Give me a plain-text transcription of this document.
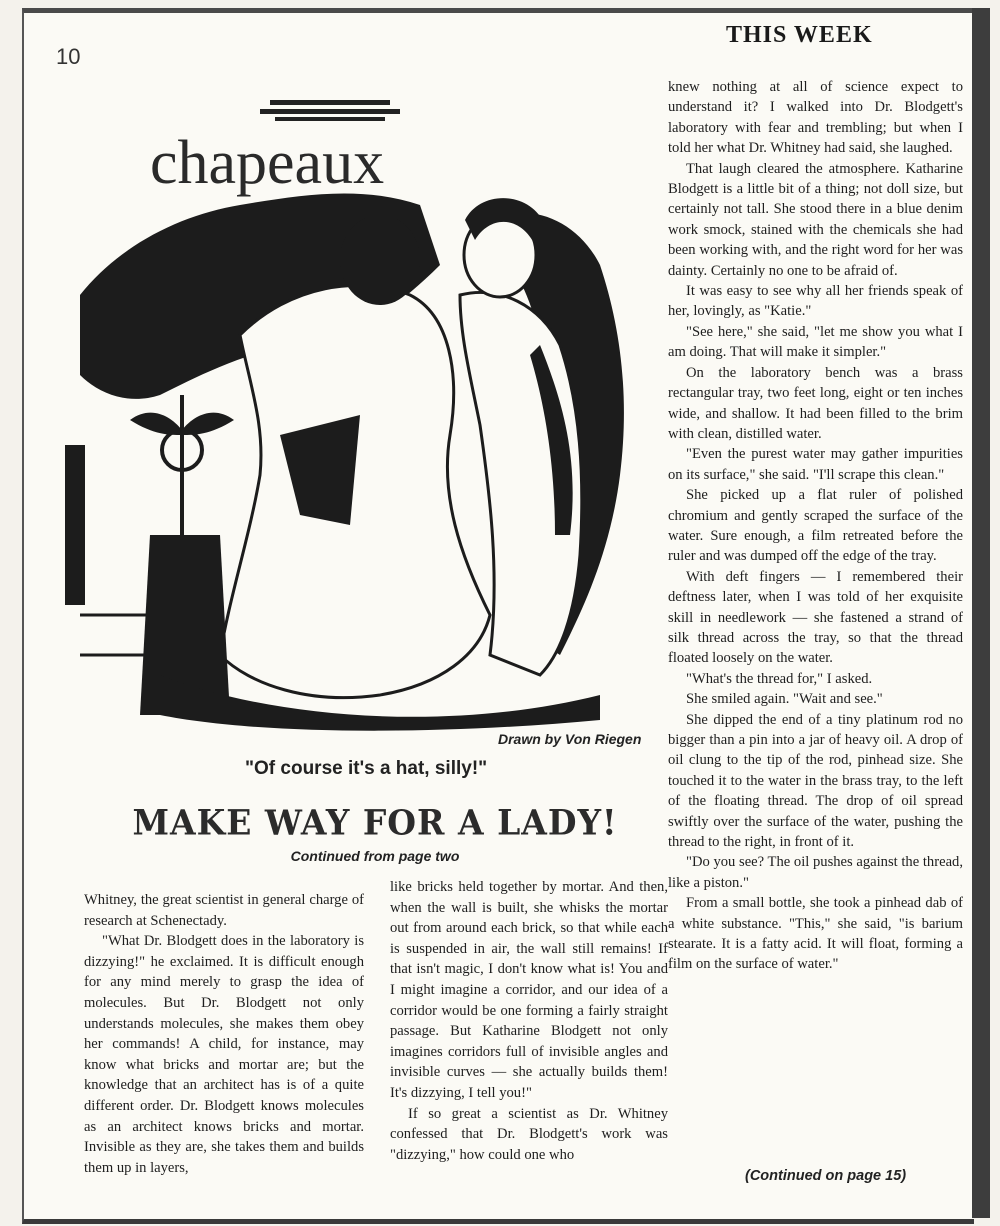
10
THIS WEEK
chapeaux
Drawn by Von Riegen
"Of course it's a hat, silly!"
MAKE WAY FOR A LADY!
Continued from page two

Whitney, the great scientist in general charge of research at Schenectady.

"What Dr. Blodgett does in the laboratory is dizzying!" he exclaimed. It is difficult enough for any mind merely to grasp the idea of molecules. But Dr. Blodgett not only understands molecules, she makes them obey her commands! A child, for instance, may know what bricks and mortar are; but the knowledge that an architect has is of a quite different order. Dr. Blodgett knows molecules as an architect knows bricks and mortar. Invisible as they are, she takes them and builds them up in layers,

like bricks held together by mortar. And then, when the wall is built, she whisks the mortar out from around each brick, so that while each is suspended in air, the wall still remains! If that isn't magic, I don't know what is! You and I might imagine a corridor, and our idea of a corridor would be one forming a fairly straight passage. But Katharine Blodgett not only imagines corridors full of invisible angles and invisible curves — she actually builds them! It's dizzying, I tell you!"

If so great a scientist as Dr. Whitney confessed that Dr. Blodgett's work was "dizzying," how could one who

knew nothing at all of science expect to understand it? I walked into Dr. Blodgett's laboratory with fear and trembling; but when I told her what Dr. Whitney had said, she laughed.

That laugh cleared the atmosphere. Katharine Blodgett is a little bit of a thing; not doll size, but certainly not tall. She stood there in a blue denim work smock, stained with the chemicals she had been working with, and the right word for her was dainty. Certainly no one to be afraid of.

It was easy to see why all her friends speak of her, lovingly, as "Katie."

"See here," she said, "let me show you what I am doing. That will make it simpler."

On the laboratory bench was a brass rectangular tray, two feet long, eight or ten inches wide, and shallow. It had been filled to the brim with clean, distilled water.

"Even the purest water may gather impurities on its surface," she said. "I'll scrape this clean."

She picked up a flat ruler of polished chromium and gently scraped the surface of the water. Sure enough, a film retreated before the ruler and was dumped off the edge of the tray.

With deft fingers — I remembered their deftness later, when I was told of her exquisite skill in needlework — she fastened a strand of silk thread across the tray, so that the thread floated loosely on the water.

"What's the thread for," I asked.

She smiled again. "Wait and see."

She dipped the end of a tiny platinum rod no bigger than a pin into a jar of heavy oil. A drop of oil clung to the tip of the rod, pinhead size. She touched it to the water in the brass tray, to the left of the floating thread. The drop of oil spread swiftly over the surface of the water, pushing the thread to the right, in front of it.

"Do you see? The oil pushes against the thread, like a piston."

From a small bottle, she took a pinhead dab of a white substance. "This," she said, "is barium stearate. It is a fatty acid. It will float, forming a film on the surface of water."

(Continued on page 15)
